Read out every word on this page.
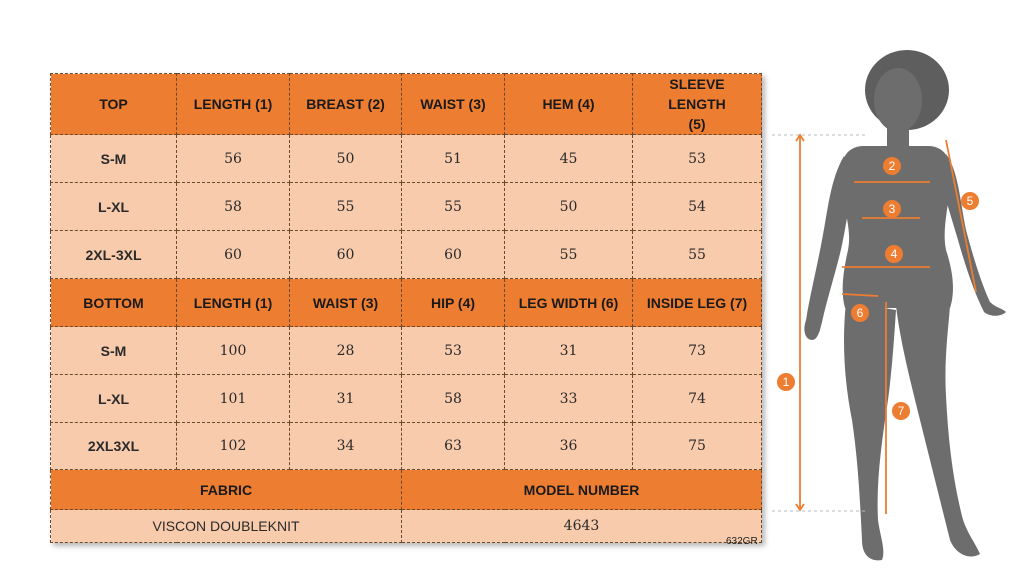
TOP	LENGTH (1)	BREAST (2)	WAIST (3)	HEM (4)	SLEEVE LENGTH (5)
S-M	56	50	51	45	53
L-XL	58	55	55	50	54
2XL-3XL	60	60	60	55	55
BOTTOM	LENGTH (1)	WAIST (3)	HIP (4)	LEG WIDTH (6)	INSIDE LEG (7)
S-M	100	28	53	31	73
L-XL	101	31	58	33	74
2XL3XL	102	34	63	36	75
FABRIC			MODEL NUMBER		
VISCON DOUBLEKNIT			4643		
632GR
1
2
3
4
5
6
7
